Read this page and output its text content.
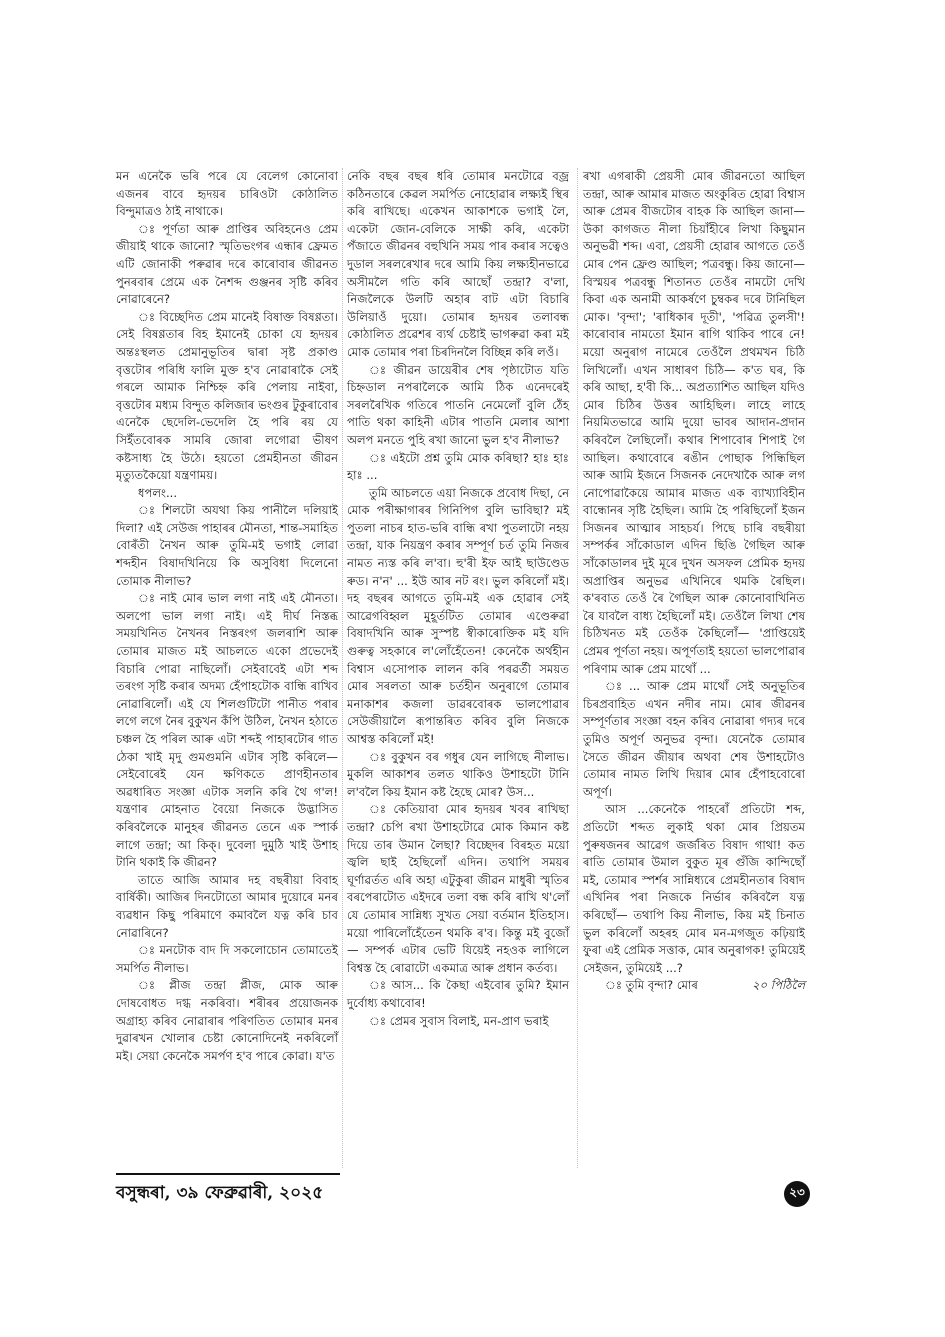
মন এনেকৈ ভৰি পৰে যে বেলেগ কোনোবা এজনৰ বাবে হৃদয়ৰ চাৰিওটা কোঠালিত বিন্দুমাত্ৰও ঠাই নাথাকে।

ঃ পূৰ্ণতা আৰু প্ৰাপ্তিৰ অবিহনেও প্ৰেম জীয়াই থাকে জানো? স্মৃতিভংগৰ এন্ধাৰ ফ্ৰেমত এটি জোনাকী পৰুৱাৰ দৰে কাৰোবাৰ জীৱনত পুনৰবাৰ প্ৰেমে এক নৈশব্দ গুঞ্জনৰ সৃষ্টি কৰিব নোৱাৰেনে?

ঃ বিচ্ছেদিত প্ৰেম মানেই বিষাক্ত বিষণ্ণতা। সেই বিষণ্ণতাৰ বিহ ইমানেই চোকা যে হৃদয়ৰ অন্তঃস্থলত প্ৰেমানুভূতিৰ দ্বাৰা সৃষ্ট প্ৰকাণ্ড বৃত্তটোৰ পৰিধি ফালি মুক্ত হ'ব নোৱাৰাকৈ সেই গৰলে আমাক নিশ্চিহ্ন কৰি পেলায় নাইবা, বৃত্তটোৰ মধ্যম বিন্দুত কলিজাৰ ভংগুৰ টুকুৰাবোৰ এনেকৈ ছেদেলি-ভেদেলি হৈ পৰি ৰয় যে সিইঁতবোৰক সামৰি জোৰা লগোৱা ভীষণ কষ্টসাধ্য হৈ উঠে। হয়তো প্ৰেমহীনতা জীৱন মৃত্যুতকৈয়ো যন্ত্ৰণাময়।

ধপলং...

ঃ শিলটো অযথা কিয় পানীলৈ দলিয়াই দিলা? এই সেউজ পাহাৰৰ মৌনতা, শান্ত-সমাহিত বোৰঁতী নৈখন আৰু তুমি-মই ভগাই লোৱা শব্দহীন বিষাদখিনিয়ে কি অসুবিধা দিলেনো তোমাক নীলাভ?

ঃ নাই মোৰ ভাল লগা নাই এই মৌনতা। অলপো ভাল লগা নাই। এই দীৰ্ঘ নিস্তব্ধ সময়খিনিত নৈখনৰ নিস্তৰংগ জলৰাশি আৰু তোমাৰ মাজত মই আচলতে একো প্ৰভেদেই বিচাৰি পোৱা নাছিলোঁ। সেইবাবেই এটা শব্দ তৰংগ সৃষ্টি কৰাৰ অদম্য হেঁপাহটোক বান্ধি ৰাখিব নোৱাৰিলোঁ। এই যে শিলগুটিটো পানীত পৰাৰ লগে লগে নৈৰ বুকুখন কঁপি উঠিল, নৈখন হঠাতে চঞ্চল হৈ পৰিল আৰু এটা শব্দই পাহাৰটোৰ গাত ঠেকা খাই মৃদু গুমগুমনি এটাৰ সৃষ্টি কৰিলে— সেইবোৰেই যেন ক্ষণিকতে প্ৰাণহীনতাৰ অৱধাৰিত সংজ্ঞা এটাক সলনি কৰি থৈ গ'ল! যন্ত্ৰণাৰ মোহনাত বৈয়ো নিজকে উদ্ভাসিত কৰিবলৈকে মানুহৰ জীৱনত তেনে এক স্পাৰ্ক লাগে তন্দ্ৰা; আ কিক্। দুবেলা দুমুঠি খাই উশাহ টানি থকাই কি জীৱন?

তাতে আজি আমাৰ দহ বছৰীয়া বিবাহ বাৰ্ষিকী। আজিৰ দিনটোতো আমাৰ দুয়োৰে মনৰ ব্যৱধান কিছু পৰিমাণে কমাবলৈ যত্ন কৰি চাব নোৱাৰিনে?

ঃ মনটোক বাদ দি সকলোচোন তোমাতেই সমৰ্পিত নীলাভ।

ঃ প্লীজ তন্দ্ৰা প্লীজ, মোক আৰু দোষবোধত দগ্ধ নকৰিবা। শৰীৰৰ প্ৰয়োজনক অগ্ৰাহ্য কৰিব নোৱাৰাৰ পৰিণতিত তোমাৰ মনৰ দুৱাৰখন খোলাৰ চেষ্টা কোনোদিনেই নকৰিলোঁ মই। সেয়া কেনেকৈ সমৰ্পণ হ'ব পাৰে কোৱা। য'ত

নেকি বছৰ বছৰ ধৰি তোমাৰ মনটোৱে বজ্ৰ কঠিনতাৰে কেৱল সমৰ্পিত নোহোৱাৰ লক্ষ্যই স্থিৰ কৰি ৰাখিছে। একেখন আকাশকে ভগাই লৈ, একেটা জোন-বেলিকে সাক্ষী কৰি, একেটা পঁজাতে জীৱনৰ বহুখিনি সময় পাৰ কৰাৰ সত্বেও দুডাল সৰলৰেখাৰ দৰে আমি কিয় লক্ষ্যহীনভাৱে অসীমলৈ গতি কৰি আছোঁ তন্দ্ৰা? ব'লা, নিজলৈকে উলটি অহাৰ বাট এটা বিচাৰি উলিয়াওঁ দুয়ো। তোমাৰ হৃদয়ৰ তলাবন্ধ কোঠালিত প্ৰৱেশৰ ব্যৰ্থ চেষ্টাই ভাগৰুৱা কৰা মই মোক তোমাৰ পৰা চিৰদিনলৈ বিচ্ছিন্ন কৰি লওঁ।

ঃ জীৱন ডায়েৰীৰ শেষ পৃষ্ঠাটোত যতি চিহ্নডাল নপৰালৈকে আমি ঠিক এনেদৰেই সৰলৰৈখিক গতিৰে পাতনি নেমেলোঁ বুলি ঠেঁহ পাতি থকা কাহিনী এটাৰ পাতনি মেলাৰ আশা অলপ মনতে পুহি ৰখা জানো ভুল হ'ব নীলাভ?

ঃ এইটো প্ৰশ্ন তুমি মোক কৰিছা? হাঃ হাঃ হাঃ ...

তুমি আচলতে এয়া নিজকে প্ৰবোধ দিছা, নে মোক পৰীক্ষাগাৰৰ গিনিপিগ বুলি ভাবিছা? মই পুতলা নাচৰ হাত-ভৰি বান্ধি ৰখা পুতলাটো নহয় তন্দ্ৰা, যাক নিয়ন্ত্ৰণ কৰাৰ সম্পূৰ্ণ চৰ্ত তুমি নিজৰ নামত ন্যস্ত কৰি ল'বা। হু'ৰী ইফ আই ছাউণ্ডেড ৰুড। ন'ন' ... ইউ আৰ নট ৰং। ভুল কৰিলোঁ মই। দহ বছৰৰ আগতে তুমি-মই এক হোৱাৰ সেই আৱেগবিহ্বল মুহূৰ্তটিত তোমাৰ এণ্ডেৰুৱা বিষাদখিনি আৰু সুস্পষ্ট স্বীকাৰোক্তিক মই যদি গুৰুত্ব সহকাৰে ল'লোঁহেঁতেন! কেনেকৈ অৰ্থহীন বিশ্বাস এসোপাক লালন কৰি পৰৱৰ্তী সময়ত মোৰ সৰলতা আৰু চৰ্তহীন অনুৰাগে তোমাৰ মনাকাশৰ কজলা ডাৱৰবোৰক ভালপোৱাৰ সেউজীয়ালৈ ৰূপান্তৰিত কৰিব বুলি নিজকে আশ্বস্ত কৰিলোঁ মই!

ঃ বুকুখন বৰ গধুৰ যেন লাগিছে নীলাভ। মুকলি আকাশৰ তলত থাকিও উশাহটো টানি ল'বলৈ কিয় ইমান কষ্ট হৈছে মোৰ? উস...

ঃ কেতিয়াবা মোৰ হৃদয়ৰ খবৰ ৰাখিছা তন্দ্ৰা? চেপি ৰখা উশাহটোৱে মোক কিমান কষ্ট দিয়ে তাৰ উমান লৈছা? বিচ্ছেদৰ বিৰহত ময়ো জ্বলি ছাই হৈছিলোঁ এদিন। তথাপি সময়ৰ ঘূৰ্ণাৱৰ্তত এৰি অহা এটুকুৰা জীৱন মাধুৰী স্মৃতিৰ বৰপেৰাটোত এইদৰে তলা বন্ধ কৰি ৰাখি থ'লোঁ যে তোমাৰ সান্নিধ্য সুখত সেয়া বৰ্তমান ইতিহাস। ময়ো পাৰিলোঁহেঁতেন থমকি ৰ'ব। কিন্তু মই বুজোঁ— সম্পৰ্ক এটাৰ ভেটি যিয়েই নহওক লাগিলে বিশ্বস্ত হৈ ৰোৱাটো একমাত্ৰ আৰু প্ৰধান কৰ্তব্য।

ঃ আস... কি কৈছা এইবোৰ তুমি? ইমান দুৰ্বোধ্য কথাবোৰ!

ঃ প্ৰেমৰ সুবাস বিলাই, মন-প্ৰাণ ভৰাই

ৰখা এগৰাকী প্ৰেয়সী মোৰ জীৱনতো আছিল তন্দ্ৰা, আৰু আমাৰ মাজত অংকুৰিত হোৱা বিশ্বাস আৰু প্ৰেমৰ বীজটোৰ বাহক কি আছিল জানা— উকা কাগজত নীলা চিয়াঁহীৰে লিখা কিছুমান অনুভৱী শব্দ। এবা, প্ৰেয়সী হোৱাৰ আগতে তেওঁ মোৰ পেন ফ্ৰেণ্ড আছিল; পত্ৰবন্ধু। কিয় জানো— বিস্ময়ৰ পত্ৰবন্ধু শিতানত তেওঁৰ নামটো দেখি কিবা এক অনামী আকৰ্ষণে চুম্বকৰ দৰে টানিছিল মোক। 'বৃন্দা'; 'ৰাধিকাৰ দূতী', 'পৱিত্ৰ তুলসী'! কাৰোবাৰ নামতো ইমান ৰাগি থাকিব পাৰে নে! ময়ো অনুৰাগ নামেৰে তেওঁলৈ প্ৰথমখন চিঠি লিখিলোঁ। এখন সাধাৰণ চিঠি— ক'ত ঘৰ, কি কৰি আছা, হ'বী কি... অপ্ৰত্যাশিত আছিল যদিও মোৰ চিঠিৰ উত্তৰ আহিছিল। লাহে লাহে নিয়মিতভাৱে আমি দুয়ো ভাবৰ আদান-প্ৰদান কৰিবলৈ লৈছিলোঁ। কথাৰ শিপাবোৰ শিপাই গৈ আছিল। কথাবোৰে ৰঙীন পোছাক পিন্ধিছিল আৰু আমি ইজনে সিজনক নেদেখাকৈ আৰু লগ নোপোৱাকৈয়ে আমাৰ মাজত এক ব্যাখ্যাবিহীন বান্ধোনৰ সৃষ্টি হৈছিল। আমি হৈ পৰিছিলোঁ ইজন সিজনৰ আত্মাৰ সাহচৰ্য। পিছে চাৰি বছৰীয়া সম্পৰ্কৰ সাঁকোডাল এদিন ছিঙি গৈছিল আৰু সাঁকোডালৰ দুই মূৰে দুখন অসফল প্ৰেমিক হৃদয় অপ্ৰাপ্তিৰ অনুভৱ এখিনিৰে থমকি ৰৈছিল। ক'ৰবাত তেওঁ ৰৈ গৈছিল আৰু কোনোবাখিনিত ৰৈ যাবলৈ বাধ্য হৈছিলোঁ মই। তেওঁলৈ লিখা শেষ চিঠিখনত মই তেওঁক কৈছিলোঁ— 'প্ৰাপ্তিয়েই প্ৰেমৰ পূৰ্ণতা নহয়। অপূৰ্ণতাই হয়তো ভালপোৱাৰ পৰিণাম আৰু প্ৰেম মাথোঁ ...

ঃ ... আৰু প্ৰেম মাথোঁ সেই অনুভূতিৰ চিৰপ্ৰবাহিত এখন নদীৰ নাম। মোৰ জীৱনৰ সম্পূৰ্ণতাৰ সংজ্ঞা বহন কৰিব নোৱাৰা গদ্যৰ দৰে তুমিও অপূৰ্ণ অনুভৱ বৃন্দা। যেনেকৈ তোমাৰ সৈতে জীৱন জীয়াৰ অথবা শেষ উশাহটোও তোমাৰ নামত লিখি দিয়াৰ মোৰ হেঁপাহবোৰো অপূৰ্ণ।

আস ...কেনেকৈ পাহৰোঁ প্ৰতিটো শব্দ, প্ৰতিটো শব্দত লুকাই থকা মোৰ প্ৰিয়তম পুৰুষজনৰ আৱেগ জৰ্জৰিত বিষাদ গাথা! কত ৰাতি তোমাৰ উমাল বুকুত মূৰ গুঁজি কান্দিছোঁ মই, তোমাৰ স্পৰ্শৰ সান্নিধ্যৰে প্ৰেমহীনতাৰ বিষাদ এখিনিৰ পৰা নিজকে নিৰ্ভাৰ কৰিবলৈ যত্ন কৰিছোঁ— তথাপি কিয় নীলাভ, কিয় মই চিনাত ভুল কৰিলোঁ অহৰহ মোৰ মন-মগজুত কঢ়িয়াই ফুৰা এই প্ৰেমিক সত্তাক, মোৰ অনুৰাগক! তুমিয়েই সেইজন, তুমিয়েই ...?

ঃ তুমি বৃন্দা? মোৰ	২০ পিঠিলৈ

বসুন্ধৰা, ৩৯ ফেব্ৰুৱাৰী, ২০২৫	২৩
